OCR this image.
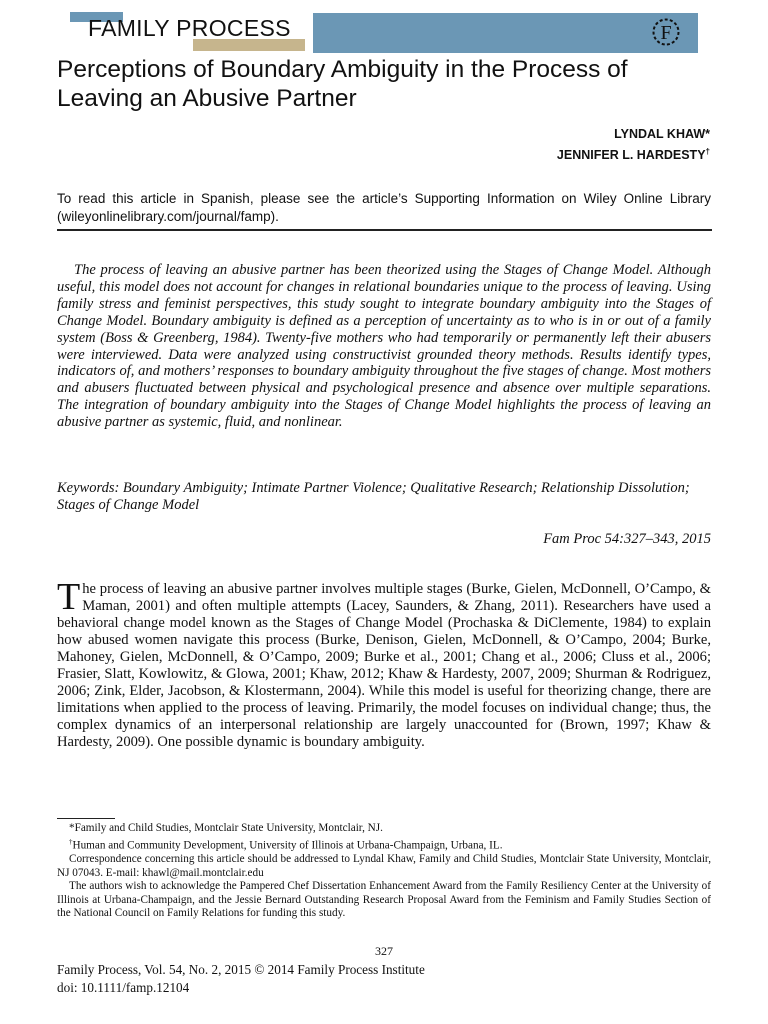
FAMILY PROCESS	F
Perceptions of Boundary Ambiguity in the Process of
Leaving an Abusive Partner
LYNDAL KHAW*
JENNIFER L. HARDESTY†
To read this article in Spanish, please see the article’s Supporting Information on Wiley Online Library (wileyonlinelibrary.com/journal/famp).

The process of leaving an abusive partner has been theorized using the Stages of Change Model. Although useful, this model does not account for changes in relational boundaries unique to the process of leaving. Using family stress and feminist perspectives, this study sought to integrate boundary ambiguity into the Stages of Change Model. Boundary ambiguity is defined as a perception of uncertainty as to who is in or out of a family system (Boss & Greenberg, 1984). Twenty-five mothers who had temporarily or permanently left their abusers were interviewed. Data were analyzed using constructivist grounded theory methods. Results identify types, indicators of, and mothers’ responses to boundary ambiguity throughout the five stages of change. Most mothers and abusers fluctuated between physical and psychological presence and absence over multiple separations. The integration of boundary ambiguity into the Stages of Change Model highlights the process of leaving an abusive partner as systemic, fluid, and nonlinear.

Keywords: Boundary Ambiguity; Intimate Partner Violence; Qualitative Research; Relationship Dissolution; Stages of Change Model

Fam Proc 54:327–343, 2015

The process of leaving an abusive partner involves multiple stages (Burke, Gielen, McDonnell, O’Campo, & Maman, 2001) and often multiple attempts (Lacey, Saunders, & Zhang, 2011). Researchers have used a behavioral change model known as the Stages of Change Model (Prochaska & DiClemente, 1984) to explain how abused women navigate this process (Burke, Denison, Gielen, McDonnell, & O’Campo, 2004; Burke, Mahoney, Gielen, McDonnell, & O’Campo, 2009; Burke et al., 2001; Chang et al., 2006; Cluss et al., 2006; Frasier, Slatt, Kowlowitz, & Glowa, 2001; Khaw, 2012; Khaw & Hardesty, 2007, 2009; Shurman & Rodriguez, 2006; Zink, Elder, Jacobson, & Klostermann, 2004). While this model is useful for theorizing change, there are limitations when applied to the process of leaving. Primarily, the model focuses on individual change; thus, the complex dynamics of an interpersonal relationship are largely unaccounted for (Brown, 1997; Khaw & Hardesty, 2009). One possible dynamic is boundary ambiguity.

*Family and Child Studies, Montclair State University, Montclair, NJ.

†Human and Community Development, University of Illinois at Urbana-Champaign, Urbana, IL.

Correspondence concerning this article should be addressed to Lyndal Khaw, Family and Child Studies, Montclair State University, Montclair, NJ 07043. E-mail: khawl@mail.montclair.edu

The authors wish to acknowledge the Pampered Chef Dissertation Enhancement Award from the Family Resiliency Center at the University of Illinois at Urbana-Champaign, and the Jessie Bernard Outstanding Research Proposal Award from the Feminism and Family Studies Section of the National Council on Family Relations for funding this study.

327
Family Process, Vol. 54, No. 2, 2015 © 2014 Family Process Institute
doi: 10.1111/famp.12104
